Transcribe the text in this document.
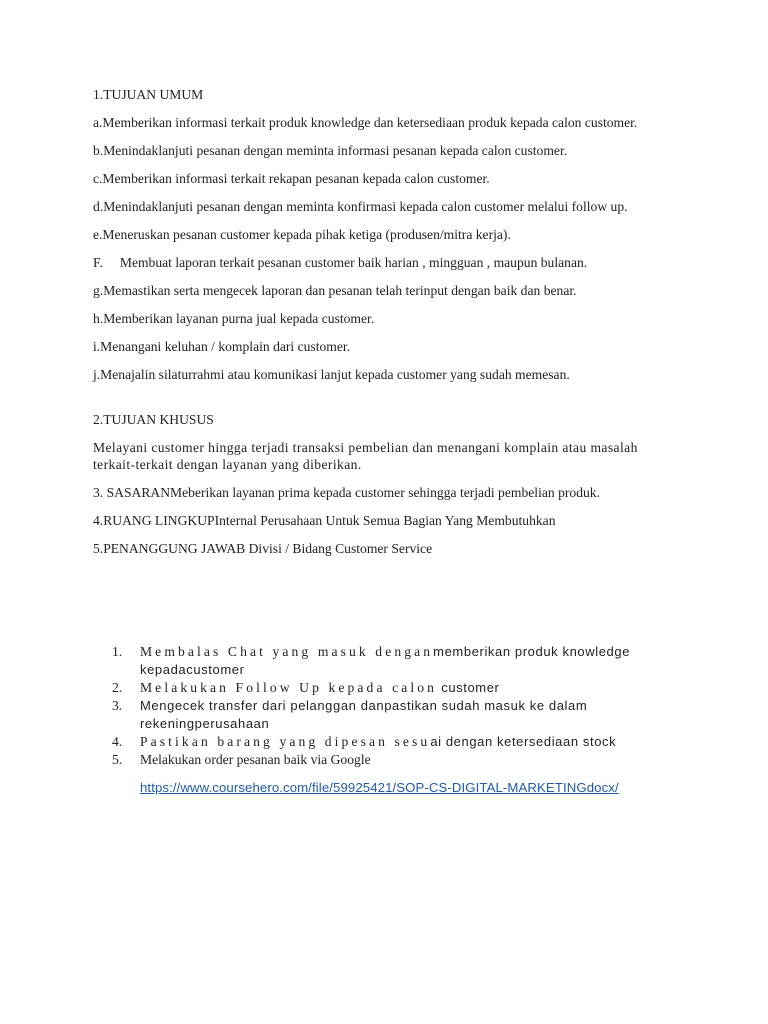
1.TUJUAN UMUM

a.Memberikan informasi terkait produk knowledge dan ketersediaan produk kepada calon customer.

b.Menindaklanjuti pesanan dengan meminta informasi pesanan kepada calon customer.

c.Memberikan informasi terkait rekapan pesanan kepada calon customer.

d.Menindaklanjuti pesanan dengan meminta konfirmasi kepada calon customer melalui follow up.

e.Meneruskan pesanan customer kepada pihak ketiga (produsen/mitra kerja).

F.     Membuat laporan terkait pesanan customer baik harian , mingguan , maupun bulanan.

g.Memastikan serta mengecek laporan dan pesanan telah terinput dengan baik dan benar.

h.Memberikan layanan purna jual kepada customer.

i.Menangani keluhan / komplain dari customer.

j.Menajalin silaturrahmi atau komunikasi lanjut kepada customer yang sudah memesan.

2.TUJUAN KHUSUS

Melayani customer hingga terjadi transaksi pembelian dan menangani komplain atau masalah terkait-terkait dengan layanan yang diberikan.

3. SASARANMeberikan layanan prima kepada customer sehingga terjadi pembelian produk.

4.RUANG LINGKUPInternal Perusahaan Untuk Semua Bagian Yang Membutuhkan

5.PENANGGUNG JAWAB Divisi / Bidang Customer Service

1. Membalas Chat yang masuk denganmemberikan produk knowledge kepadacustomer
2. Melakukan Follow Up kepada calon customer
3. Mengecek transfer dari pelanggan danpastikan sudah masuk ke dalam rekeningperusahaan
4. Pastikan barang yang dipesan sesuai dengan ketersediaan stock
5. Melakukan order pesanan baik via Google
https://www.coursehero.com/file/59925421/SOP-CS-DIGITAL-MARKETINGdocx/
